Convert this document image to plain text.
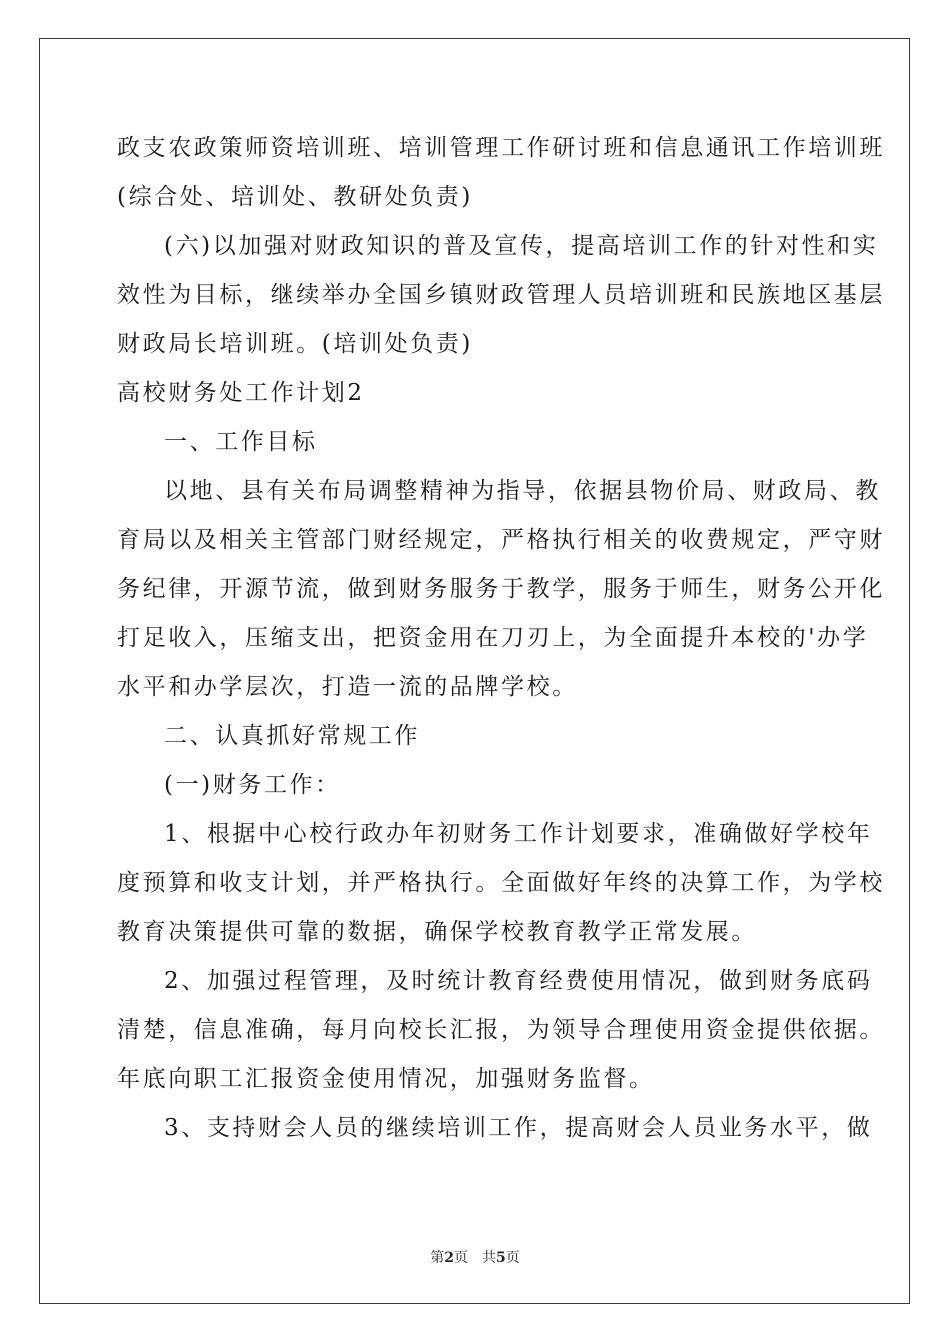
政支农政策师资培训班、培训管理工作研讨班和信息通讯工作培训班
(综合处、培训处、教研处负责)
(六)以加强对财政知识的普及宣传，提高培训工作的针对性和实
效性为目标，继续举办全国乡镇财政管理人员培训班和民族地区基层
财政局长培训班。(培训处负责)
高校财务处工作计划2
一、工作目标
以地、县有关布局调整精神为指导，依据县物价局、财政局、教
育局以及相关主管部门财经规定，严格执行相关的收费规定，严守财
务纪律，开源节流，做到财务服务于教学，服务于师生，财务公开化
打足收入，压缩支出，把资金用在刀刃上，为全面提升本校的'办学
水平和办学层次，打造一流的品牌学校。
二、认真抓好常规工作
(一)财务工作：
1、根据中心校行政办年初财务工作计划要求，准确做好学校年
度预算和收支计划，并严格执行。全面做好年终的决算工作，为学校
教育决策提供可靠的数据，确保学校教育教学正常发展。
2、加强过程管理，及时统计教育经费使用情况，做到财务底码
清楚，信息准确，每月向校长汇报，为领导合理使用资金提供依据。
年底向职工汇报资金使用情况，加强财务监督。
3、支持财会人员的继续培训工作，提高财会人员业务水平，做
第2页 共5页
